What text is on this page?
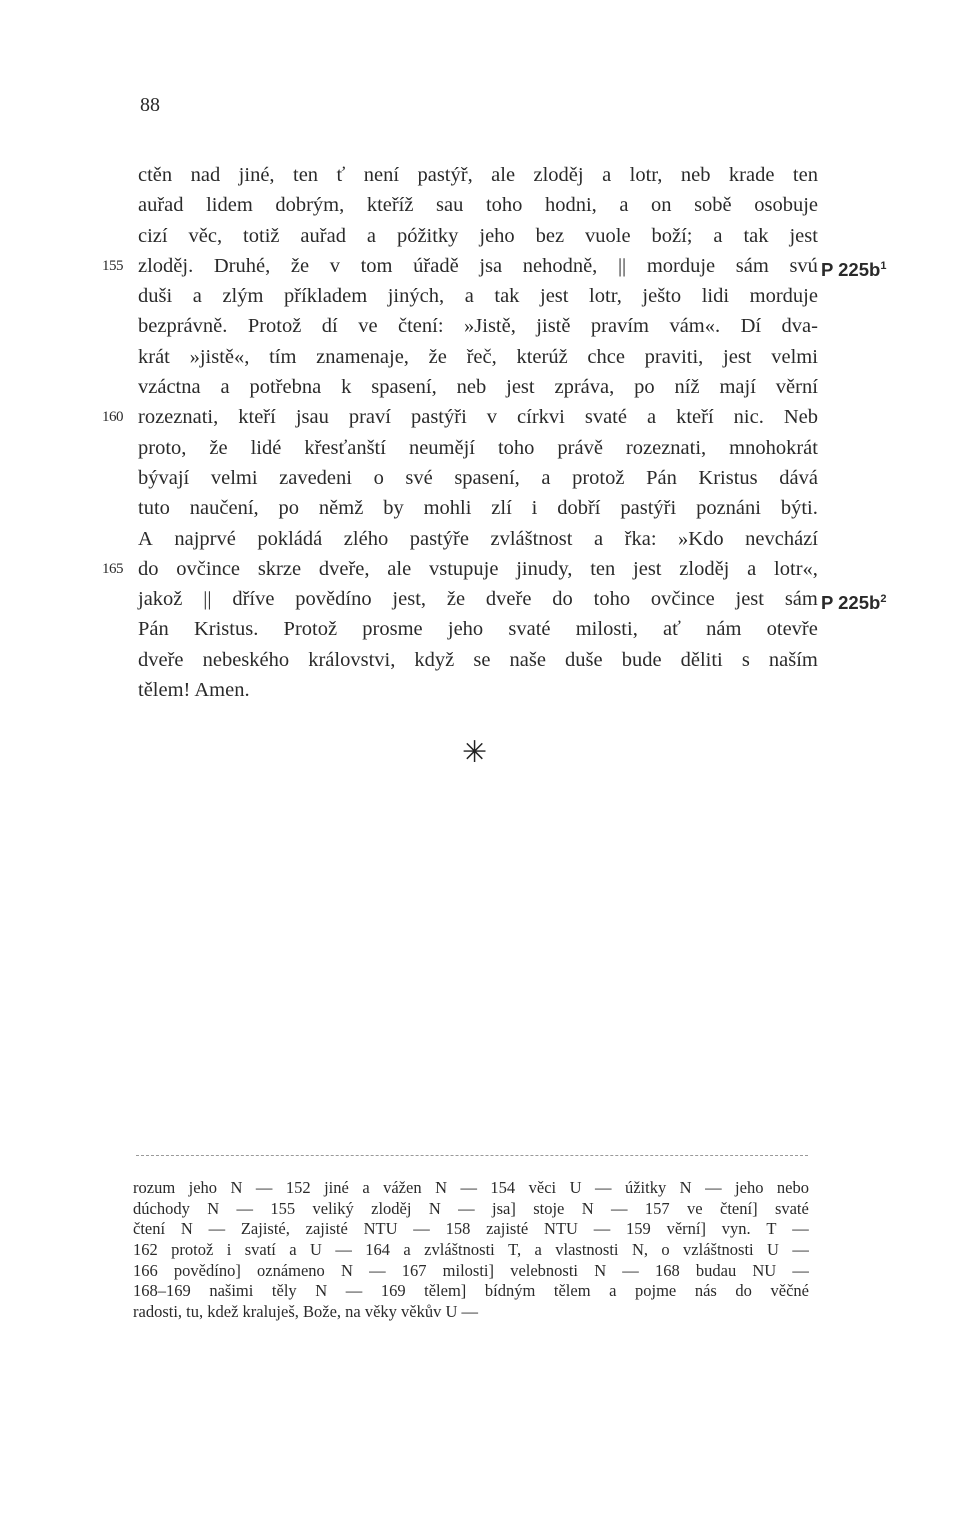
88
ctěn nad jiné, ten ť není pastýř, ale zloděj a lotr, neb krade ten
auřad lidem dobrým, kteříž sau toho hodni, a on sobě osobuje
cizí věc, totiž auřad a póžitky jeho bez vuole boží; a tak jest
zloděj. Druhé, že v tom úřadě jsa nehodně, || morduje sám svú
155	P $225b^1$
duši a zlým příkladem jiných, a tak jest lotr, ješto lidi morduje
bezprávně. Protož dí ve čtení: »Jistě, jistě pravím vám«. Dí dva-
krát »jistě«, tím znamenaje, že řeč, kterúž chce praviti, jest velmi
vzáctna a potřebna k spasení, neb jest zpráva, po níž mají věrní
rozeznati, kteří jsau praví pastýři v církvi svaté a kteří nic. Neb
160
proto, že lidé křesťanští neumějí toho právě rozeznati, mnohokrát
bývají velmi zavedeni o své spasení, a protož Pán Kristus dává
tuto naučení, po němž by mohli zlí i dobří pastýři poznáni býti.
A najprvé pokládá zlého pastýře zvláštnost a řka: »Kdo nevchází
do ovčince skrze dveře, ale vstupuje jinudy, ten jest zloděj a lotr«,
165
jakož || dříve povědíno jest, že dveře do toho ovčince jest sám P $225b^2$
Pán Kristus. Protož prosme jeho svaté milosti, ať nám otevře
dveře nebeského královstvi, když se naše duše bude děliti s naším
tělem! Amen.
✳
rozum jeho N — 152 jiné a vážen N — 154 věci U — úžitky N — jeho nebo
dúchody N — 155 veliký zloděj N — jsa] stoje N — 157 ve čtení] svaté
čtení N — Zajisté, zajisté NTU — 158 zajisté NTU — 159 věrní] vyn. T —
162 protož i svatí a U — 164 a zvláštnosti T, a vlastnosti N, o vzláštnosti U —
166 povědíno] oznámeno N — 167 milosti] velebnosti N — 168 budau NU —
168–169 našimi těly N — 169 tělem] bídným tělem a pojme nás do věčné
radosti, tu, kdež kraluješ, Bože, na věky věkův U —
